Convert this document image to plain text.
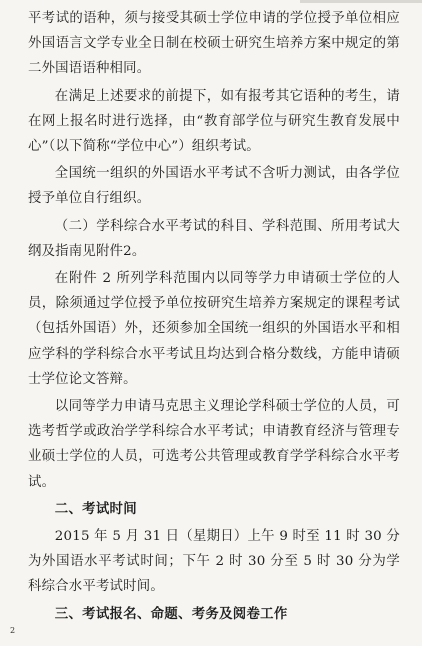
平考试的语种，须与接受其硕士学位申请的学位授予单位相应外国语言文学专业全日制在校硕士研究生培养方案中规定的第二外国语语种相同。

在满足上述要求的前提下，如有报考其它语种的考生，请在网上报名时进行选择，由“教育部学位与研究生教育发展中心”（以下简称“学位中心”）组织考试。

全国统一组织的外国语水平考试不含听力测试，由各学位授予单位自行组织。

（二）学科综合水平考试的科目、学科范围、所用考试大纲及指南见附件2。

在附件 2 所列学科范围内以同等学力申请硕士学位的人员，除须通过学位授予单位按研究生培养方案规定的课程考试（包括外国语）外，还须参加全国统一组织的外国语水平和相应学科的学科综合水平考试且均达到合格分数线，方能申请硕士学位论文答辩。

以同等学力申请马克思主义理论学科硕士学位的人员，可选考哲学或政治学学科综合水平考试；申请教育经济与管理专业硕士学位的人员，可选考公共管理或教育学学科综合水平考试。

二、考试时间

2015 年 5 月 31 日（星期日）上午 9 时至 11 时 30 分为外国语水平考试时间；下午 2 时 30 分至 5 时 30 分为学科综合水平考试时间。

三、考试报名、命题、考务及阅卷工作
2
